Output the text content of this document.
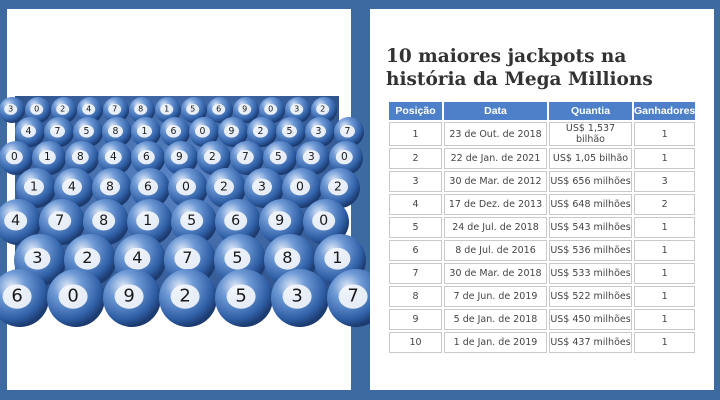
3	0	2	4	7	8	1	5	6	9	0	3	2
4 7 5 8 1 6 0 9 2 5 3 7
0 1 8 4 6 9 2 7 5 3 0
1 4 8 6 0 2 3 0 2
4 7 8 1 5 6 9 0
3 2 4 7 5 8 1
6 0 9 2 5 3 7
10 maiores jackpots na história da Mega Millions
Posição	Data	Quantia	Ganhadores
1	23 de Out. de 2018	US$ 1,537 bilhão	1
2	22 de Jan. de 2021	US$ 1,05 bilhão	1
3	30 de Mar. de 2012	US$ 656 milhões	3
4	17 de Dez. de 2013	US$ 648 milhões	2
5	24 de Jul. de 2018	US$ 543 milhões	1
6	8 de Jul. de 2016	US$ 536 milhões	1
7	30 de Mar. de 2018	US$ 533 milhões	1
8	7 de Jun. de 2019	US$ 522 milhões	1
9	5 de Jan. de 2018	US$ 450 milhões	1
10	1 de Jan. de 2019	US$ 437 milhões	1
